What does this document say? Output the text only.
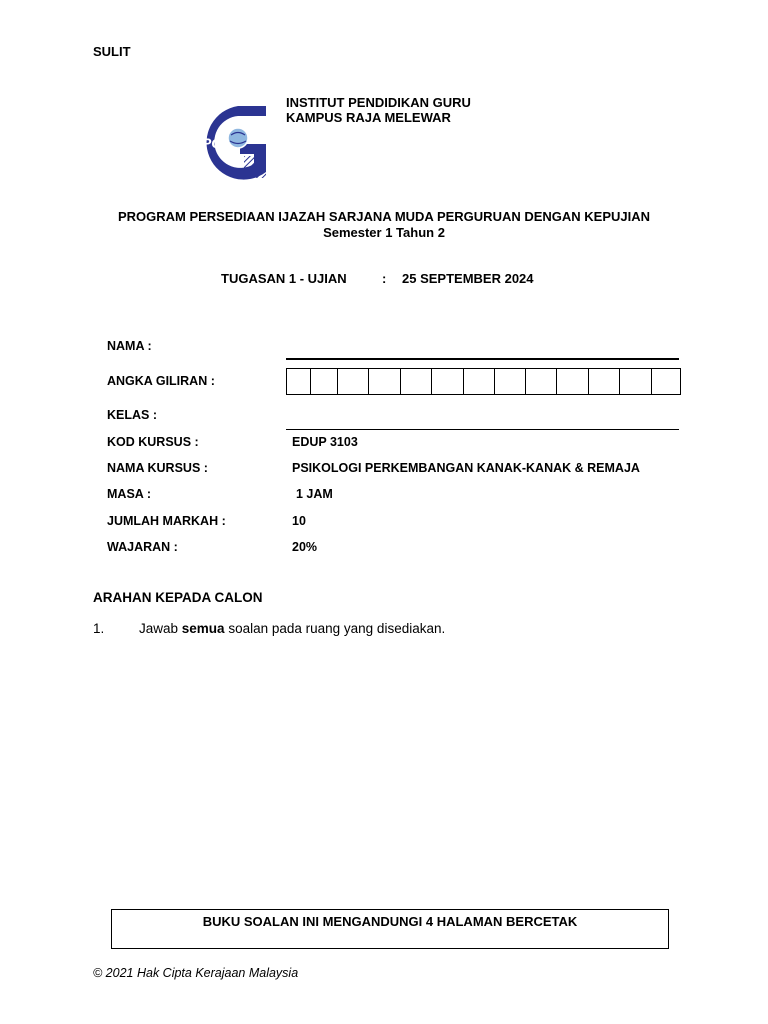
SULIT
iPG
INSTITUT PENDIDIKAN GURU
KAMPUS RAJA MELEWAR
PROGRAM PERSEDIAAN IJAZAH SARJANA MUDA PERGURUAN DENGAN KEPUJIAN
Semester 1 Tahun 2
TUGASAN 1 - UJIAN	: 25 SEPTEMBER 2024
NAMA :
ANGKA GILIRAN :
KELAS :
KOD KURSUS :	EDUP 3103
NAMA KURSUS :	PSIKOLOGI PERKEMBANGAN KANAK-KANAK & REMAJA
MASA :	1 JAM
JUMLAH MARKAH :	10
WAJARAN :	20%
ARAHAN KEPADA CALON
1.	Jawab semua soalan pada ruang yang disediakan.
BUKU SOALAN INI MENGANDUNGI 4 HALAMAN BERCETAK
© 2021 Hak Cipta Kerajaan Malaysia
